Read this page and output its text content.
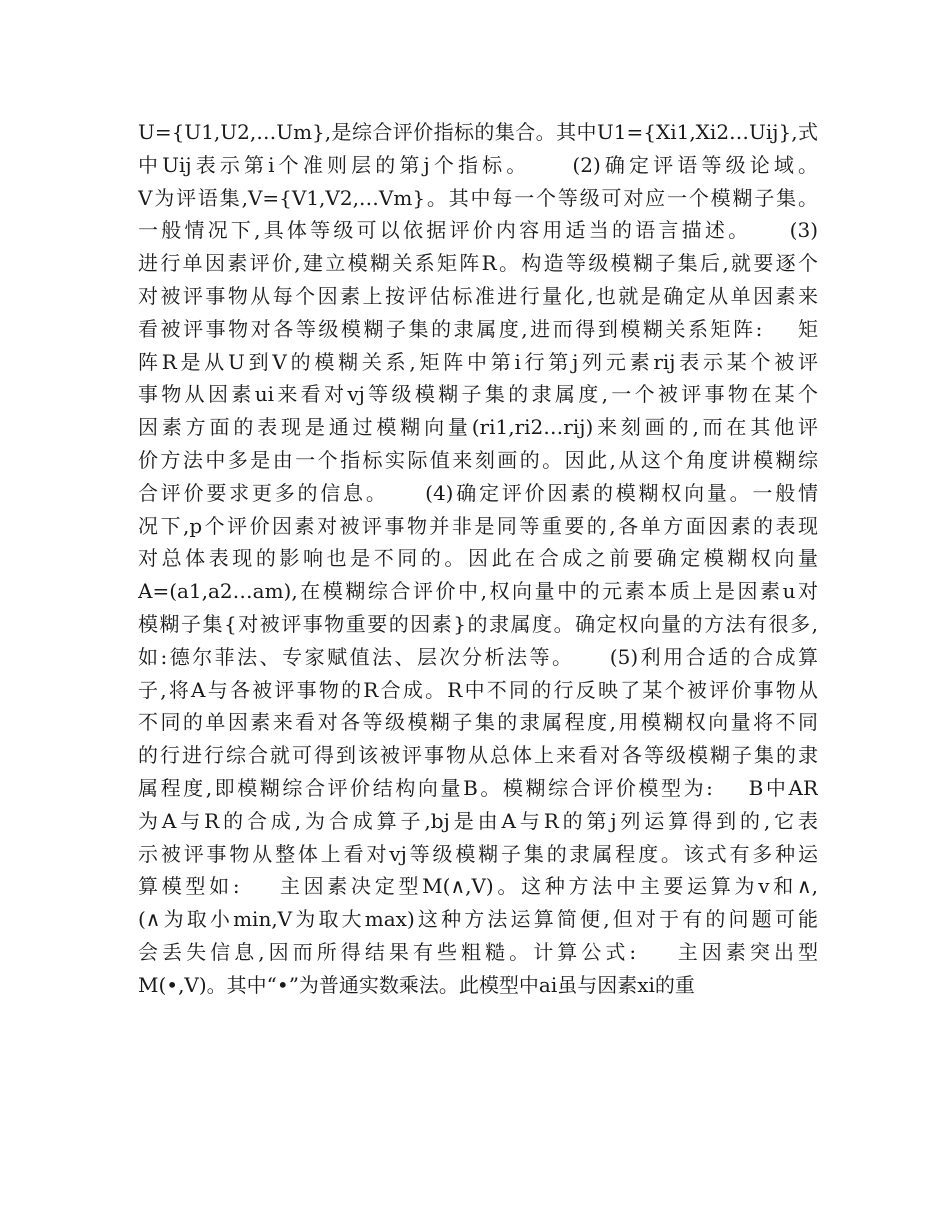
U={U1,U2,…Um},是综合评价指标的集合。其中U1={Xi1,Xi2…Uij},式
中Uij表示第i个准则层的第j个指标。    (2)确定评语等级论域。
V为评语集,V={V1,V2,…Vm}。其中每一个等级可对应一个模糊子集。
一般情况下,具体等级可以依据评价内容用适当的语言描述。    (3)
进行单因素评价,建立模糊关系矩阵R。构造等级模糊子集后,就要逐个
对被评事物从每个因素上按评估标准进行量化,也就是确定从单因素来
看被评事物对各等级模糊子集的隶属度,进而得到模糊关系矩阵:    矩
阵R是从U到V的模糊关系,矩阵中第i行第j列元素rij表示某个被评
事物从因素ui来看对vj等级模糊子集的隶属度,一个被评事物在某个
因素方面的表现是通过模糊向量(ri1,ri2…rij)来刻画的,而在其他评
价方法中多是由一个指标实际值来刻画的。因此,从这个角度讲模糊综
合评价要求更多的信息。    (4)确定评价因素的模糊权向量。一般情
况下,p个评价因素对被评事物并非是同等重要的,各单方面因素的表现
对总体表现的影响也是不同的。因此在合成之前要确定模糊权向量
A=(a1,a2…am),在模糊综合评价中,权向量中的元素本质上是因素u对
模糊子集{对被评事物重要的因素}的隶属度。确定权向量的方法有很多,
如:德尔菲法、专家赋值法、层次分析法等。    (5)利用合适的合成算
子,将A与各被评事物的R合成。R中不同的行反映了某个被评价事物从
不同的单因素来看对各等级模糊子集的隶属程度,用模糊权向量将不同
的行进行综合就可得到该被评事物从总体上来看对各等级模糊子集的隶
属程度,即模糊综合评价结构向量B。模糊综合评价模型为:    B中AR
为A与R的合成,为合成算子,bj是由A与R的第j列运算得到的,它表
示被评事物从整体上看对vj等级模糊子集的隶属程度。该式有多种运
算模型如:    主因素决定型M(∧,V)。这种方法中主要运算为v和∧,
(∧为取小min,V为取大max)这种方法运算简便,但对于有的问题可能
会丢失信息,因而所得结果有些粗糙。计算公式:    主因素突出型
M(•,V)。其中“•”为普通实数乘法。此模型中ai虽与因素xi的重
